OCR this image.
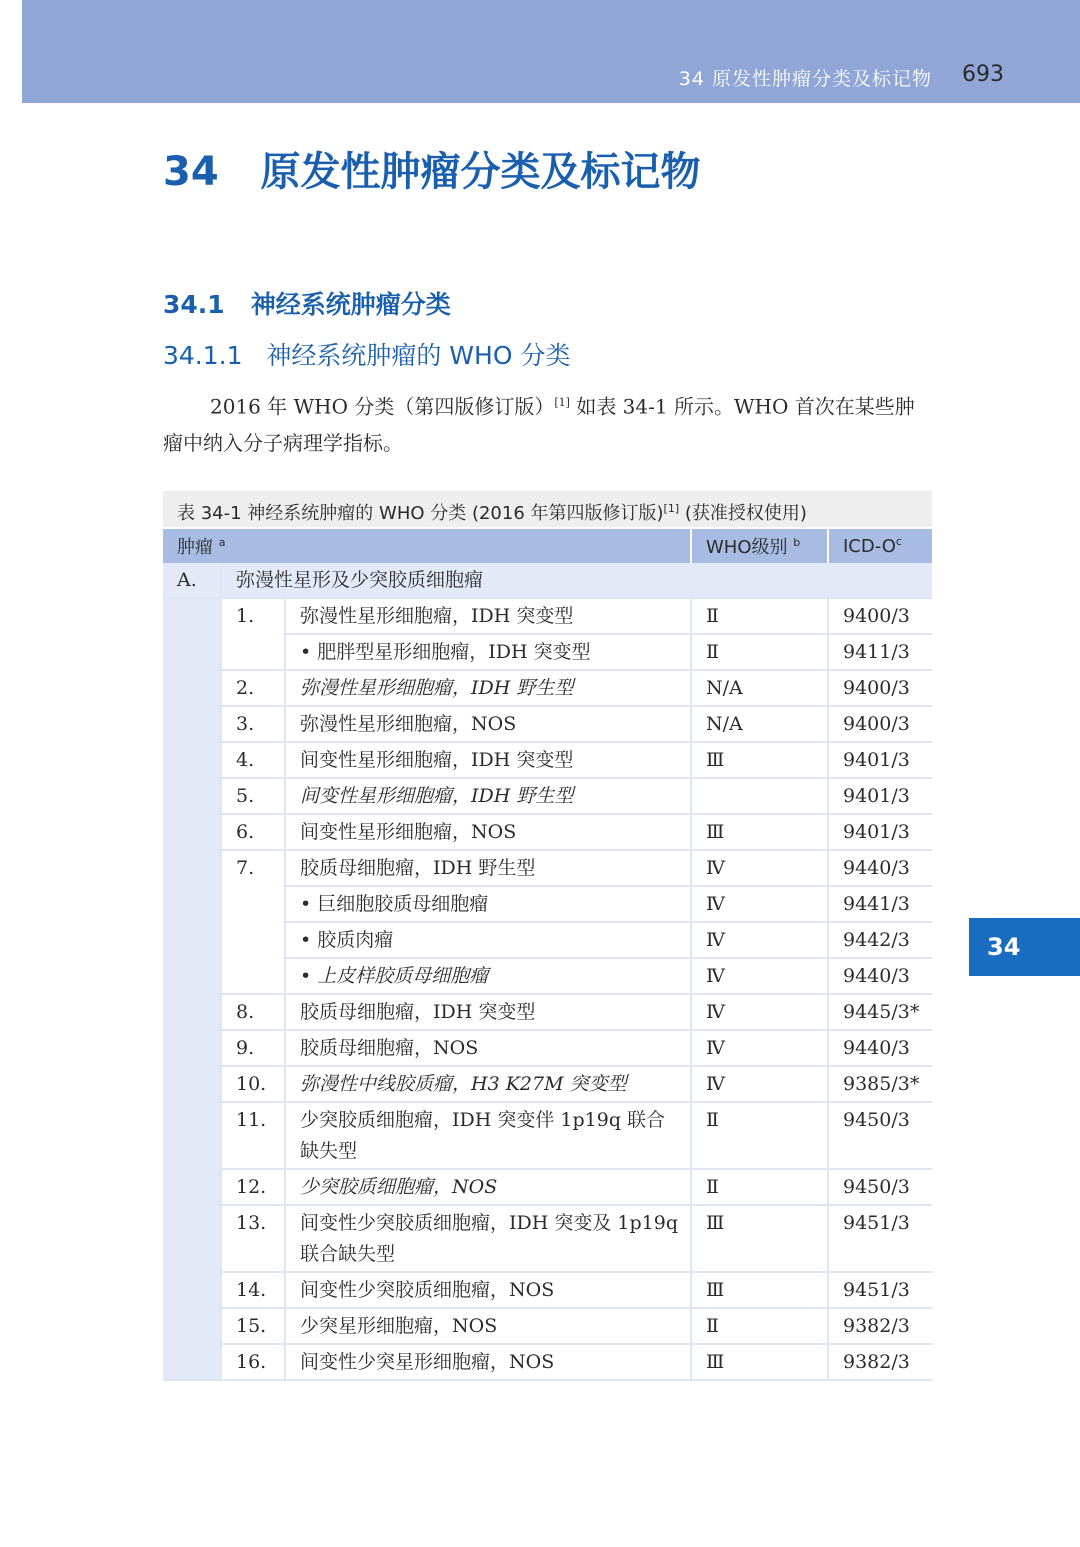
34 原发性肿瘤分类及标记物 693
34   原发性肿瘤分类及标记物
34.1   神经系统肿瘤分类
34.1.1   神经系统肿瘤的 WHO 分类

2016 年 WHO 分类（第四版修订版）[1] 如表 34-1 所示。WHO 首次在某些肿瘤中纳入分子病理学指标。

表 34-1 神经系统肿瘤的 WHO 分类 (2016 年第四版修订版)[1] (获准授权使用)
肿瘤 $^a$			WHO级别 $^b$	ICD-$O^c$
A.	弥漫性星形及少突胶质细胞瘤			
	1.	弥漫性星形细胞瘤，IDH 突变型	Ⅱ	9400/3
		• 肥胖型星形细胞瘤，IDH 突变型	Ⅱ	9411/3
	2.	弥漫性星形细胞瘤，IDH 野生型	N/A	9400/3
	3.	弥漫性星形细胞瘤，NOS	N/A	9400/3
	4.	间变性星形细胞瘤，IDH 突变型	Ⅲ	9401/3
	5.	间变性星形细胞瘤，IDH 野生型		9401/3
	6.	间变性星形细胞瘤，NOS	Ⅲ	9401/3
	7.	胶质母细胞瘤，IDH 野生型	Ⅳ	9440/3
		• 巨细胞胶质母细胞瘤	Ⅳ	9441/3
		• 胶质肉瘤	Ⅳ	9442/3
		• 上皮样胶质母细胞瘤	Ⅳ	9440/3
	8.	胶质母细胞瘤，IDH 突变型	Ⅳ	9445/3*
	9.	胶质母细胞瘤，NOS	Ⅳ	9440/3
	10.	弥漫性中线胶质瘤，H3 K27M 突变型	Ⅳ	9385/3*
	11.	少突胶质细胞瘤，IDH 突变伴 1p19q 联合缺失型	Ⅱ	9450/3
	12.	少突胶质细胞瘤，NOS	Ⅱ	9450/3
	13.	间变性少突胶质细胞瘤，IDH 突变及 1p19q 联合缺失型	Ⅲ	9451/3
	14.	间变性少突胶质细胞瘤，NOS	Ⅲ	9451/3
	15.	少突星形细胞瘤，NOS	Ⅱ	9382/3
	16.	间变性少突星形细胞瘤，NOS	Ⅲ	9382/3
34
